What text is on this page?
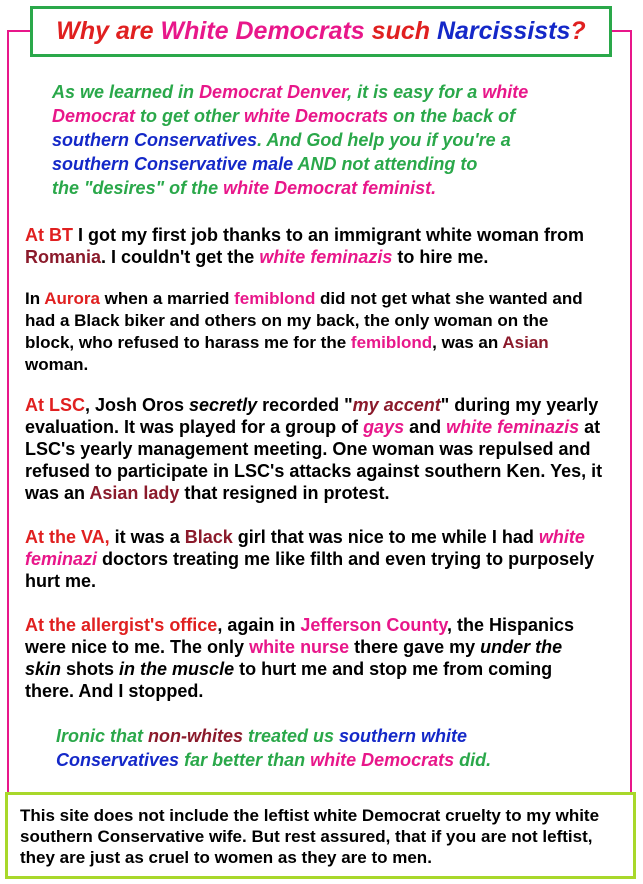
Why are White Democrats such Narcissists?
As we learned in Democrat Denver, it is easy for a white
Democrat to get other white Democrats on the back of
southern Conservatives. And God help you if you're a
southern Conservative male AND not attending to
the "desires" of the white Democrat feminist.
At BT I got my first job thanks to an immigrant white woman from Romania. I couldn't get the white feminazis to hire me.
In Aurora when a married femiblond did not get what she wanted and had a Black biker and others on my back, the only woman on the block, who refused to harass me for the femiblond, was an Asian woman.
At LSC, Josh Oros secretly recorded "my accent" during my yearly evaluation. It was played for a group of gays and white feminazis at LSC's yearly management meeting. One woman was repulsed and refused to participate in LSC's attacks against southern Ken. Yes, it was an Asian lady that resigned in protest.
At the VA, it was a Black girl that was nice to me while I had white feminazi doctors treating me like filth and even trying to purposely hurt me.
At the allergist's office, again in Jefferson County, the Hispanics were nice to me. The only white nurse there gave my under the skin shots in the muscle to hurt me and stop me from coming there. And I stopped.
Ironic that non-whites treated us southern white
Conservatives far better than white Democrats did.
This site does not include the leftist white Democrat cruelty to my white southern Conservative wife. But rest assured, that if you are not leftist, they are just as cruel to women as they are to men.
